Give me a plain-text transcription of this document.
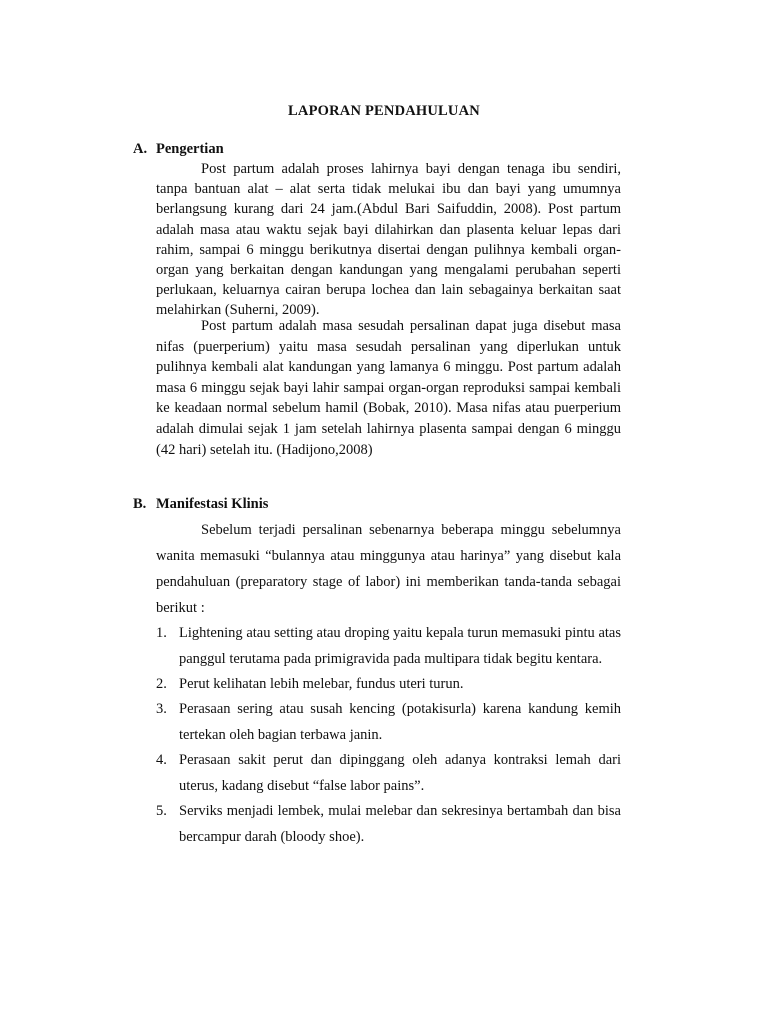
LAPORAN PENDAHULUAN
A. Pengertian

Post partum adalah proses lahirnya bayi dengan tenaga ibu sendiri, tanpa bantuan alat – alat serta tidak melukai ibu dan bayi yang umumnya berlangsung kurang dari 24 jam.(Abdul Bari Saifuddin, 2008). Post partum adalah masa atau waktu sejak bayi dilahirkan dan plasenta keluar lepas dari rahim, sampai 6 minggu berikutnya disertai dengan pulihnya kembali organ-organ yang berkaitan dengan kandungan yang mengalami perubahan seperti perlukaan, keluarnya cairan berupa lochea dan lain sebagainya berkaitan saat melahirkan (Suherni, 2009).

Post partum adalah masa sesudah persalinan dapat juga disebut masa nifas (puerperium) yaitu masa sesudah persalinan yang diperlukan untuk pulihnya kembali alat kandungan yang lamanya 6 minggu. Post partum adalah masa 6 minggu sejak bayi lahir sampai organ-organ reproduksi sampai kembali ke keadaan normal sebelum hamil (Bobak, 2010). Masa nifas atau puerperium adalah dimulai sejak 1 jam setelah lahirnya plasenta sampai dengan 6 minggu (42 hari) setelah itu. (Hadijono,2008)

B. Manifestasi Klinis

Sebelum terjadi persalinan sebenarnya beberapa minggu sebelumnya wanita memasuki “bulannya atau minggunya atau harinya” yang disebut kala pendahuluan (preparatory stage of labor) ini memberikan tanda-tanda sebagai berikut :

1. Lightening atau setting atau droping yaitu kepala turun memasuki pintu atas panggul terutama pada primigravida pada multipara tidak begitu kentara.
2. Perut kelihatan lebih melebar, fundus uteri turun.
3. Perasaan sering atau susah kencing (potakisurla) karena kandung kemih tertekan oleh bagian terbawa janin.
4. Perasaan sakit perut dan dipinggang oleh adanya kontraksi lemah dari uterus, kadang disebut “false labor pains”.
5. Serviks menjadi lembek, mulai melebar dan sekresinya bertambah dan bisa bercampur darah (bloody shoe).
